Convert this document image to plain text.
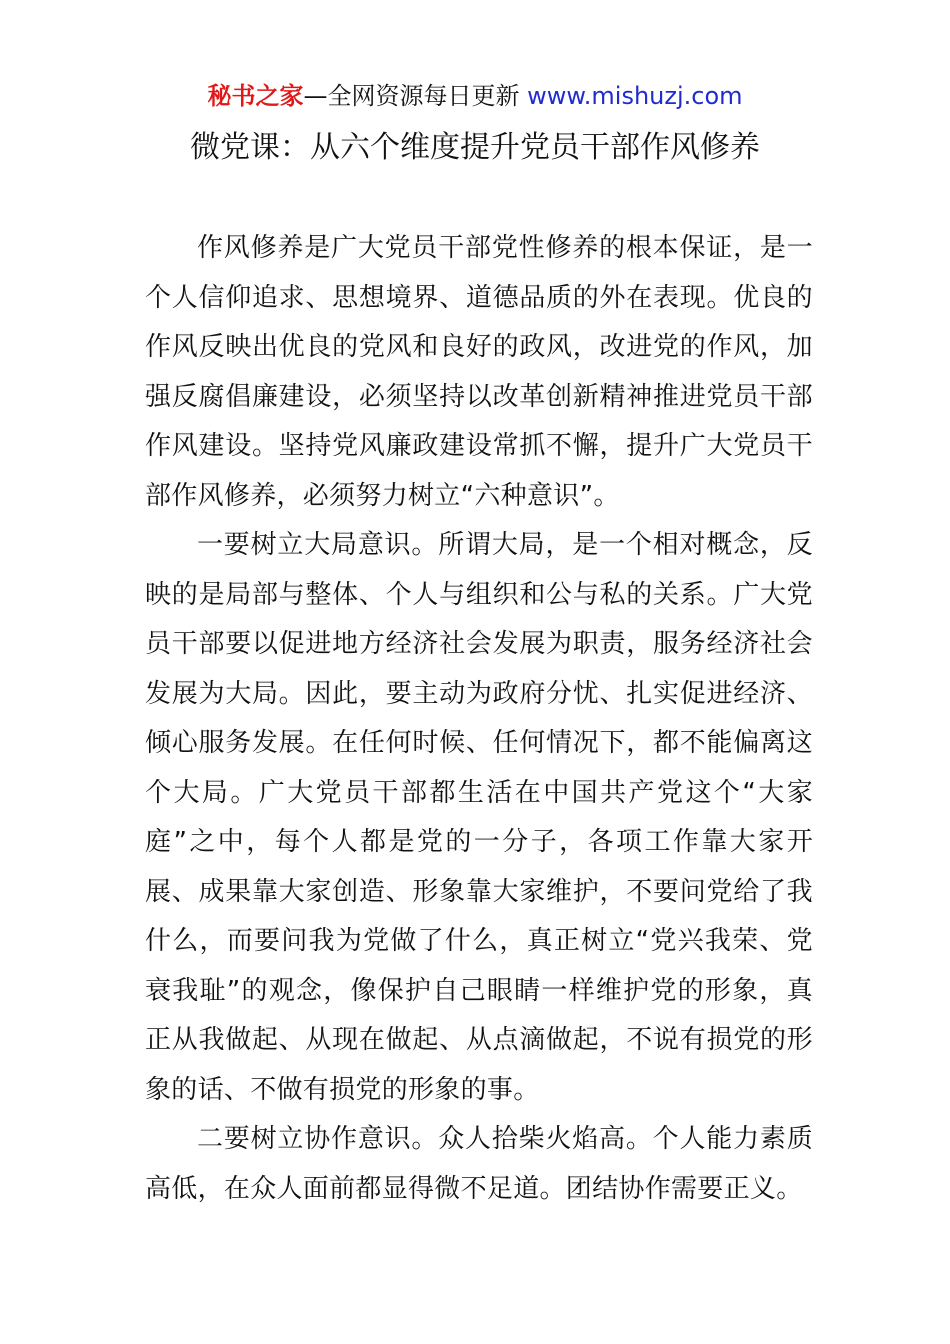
秘书之家—全网资源每日更新 www.mishuzj.com
微党课：从六个维度提升党员干部作风修养

作风修养是广大党员干部党性修养的根本保证，是一个人信仰追求、思想境界、道德品质的外在表现。优良的作风反映出优良的党风和良好的政风，改进党的作风，加强反腐倡廉建设，必须坚持以改革创新精神推进党员干部作风建设。坚持党风廉政建设常抓不懈，提升广大党员干部作风修养，必须努力树立“六种意识”。

一要树立大局意识。所谓大局，是一个相对概念，反映的是局部与整体、个人与组织和公与私的关系。广大党员干部要以促进地方经济社会发展为职责，服务经济社会发展为大局。因此，要主动为政府分忧、扎实促进经济、倾心服务发展。在任何时候、任何情况下，都不能偏离这个大局。广大党员干部都生活在中国共产党这个“大家庭”之中，每个人都是党的一分子，各项工作靠大家开展、成果靠大家创造、形象靠大家维护，不要问党给了我什么，而要问我为党做了什么，真正树立“党兴我荣、党衰我耻”的观念，像保护自己眼睛一样维护党的形象，真正从我做起、从现在做起、从点滴做起，不说有损党的形象的话、不做有损党的形象的事。

二要树立协作意识。众人拾柴火焰高。个人能力素质高低，在众人面前都显得微不足道。团结协作需要正义。
